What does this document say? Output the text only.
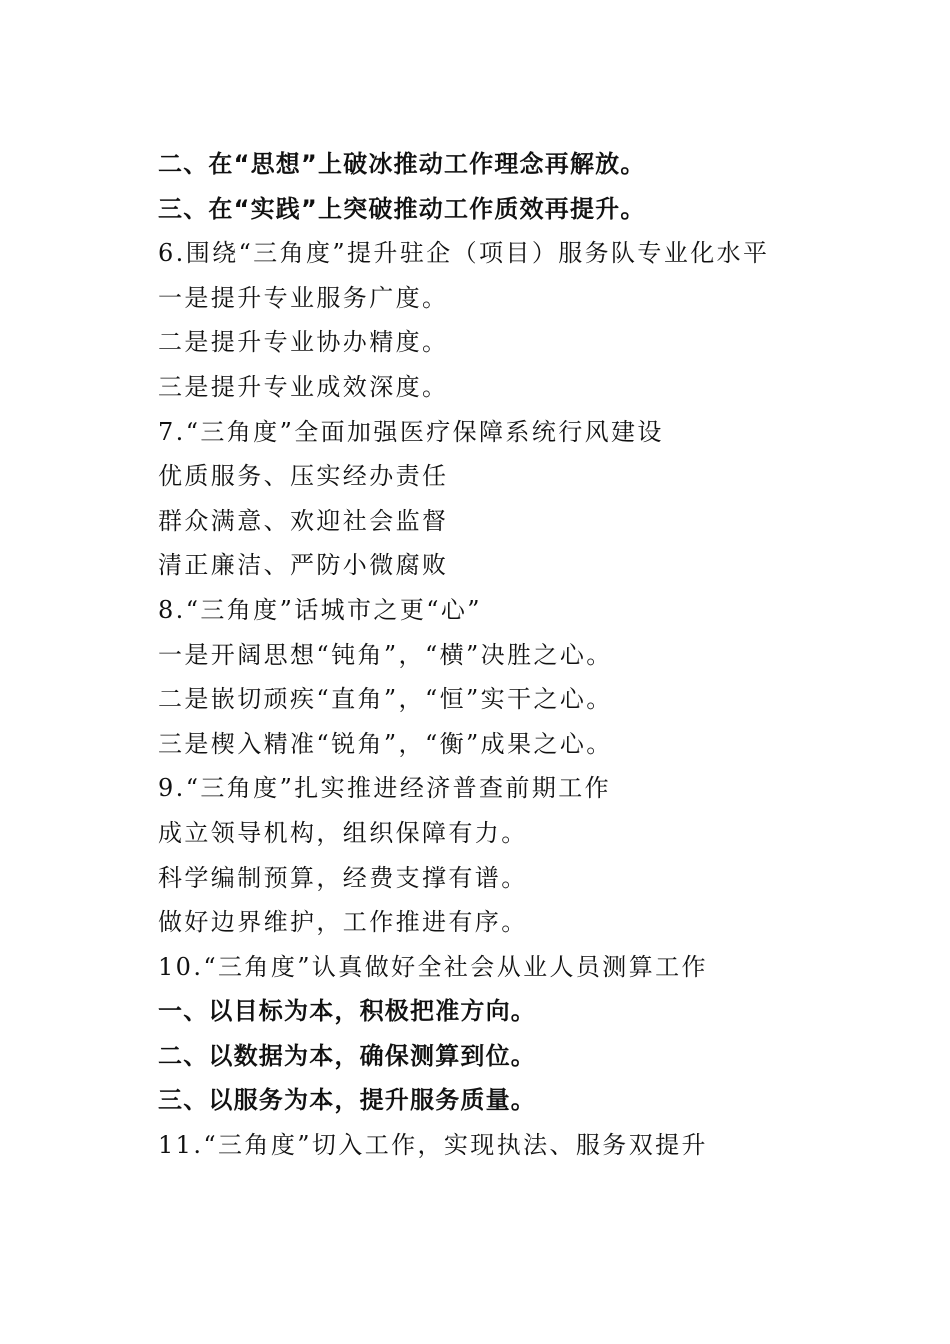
二、在“思想”上破冰推动工作理念再解放。
三、在“实践”上突破推动工作质效再提升。
6.围绕“三角度”提升驻企（项目）服务队专业化水平
一是提升专业服务广度。
二是提升专业协办精度。
三是提升专业成效深度。
7.“三角度”全面加强医疗保障系统行风建设
优质服务、压实经办责任
群众满意、欢迎社会监督
清正廉洁、严防小微腐败
8.“三角度”话城市之更“心”
一是开阔思想“钝角”，“横”决胜之心。
二是嵌切顽疾“直角”，“恒”实干之心。
三是楔入精准“锐角”，“衡”成果之心。
9.“三角度”扎实推进经济普查前期工作
成立领导机构，组织保障有力。
科学编制预算，经费支撑有谱。
做好边界维护，工作推进有序。
10.“三角度”认真做好全社会从业人员测算工作
一、以目标为本，积极把准方向。
二、以数据为本，确保测算到位。
三、以服务为本，提升服务质量。
11.“三角度”切入工作，实现执法、服务双提升
